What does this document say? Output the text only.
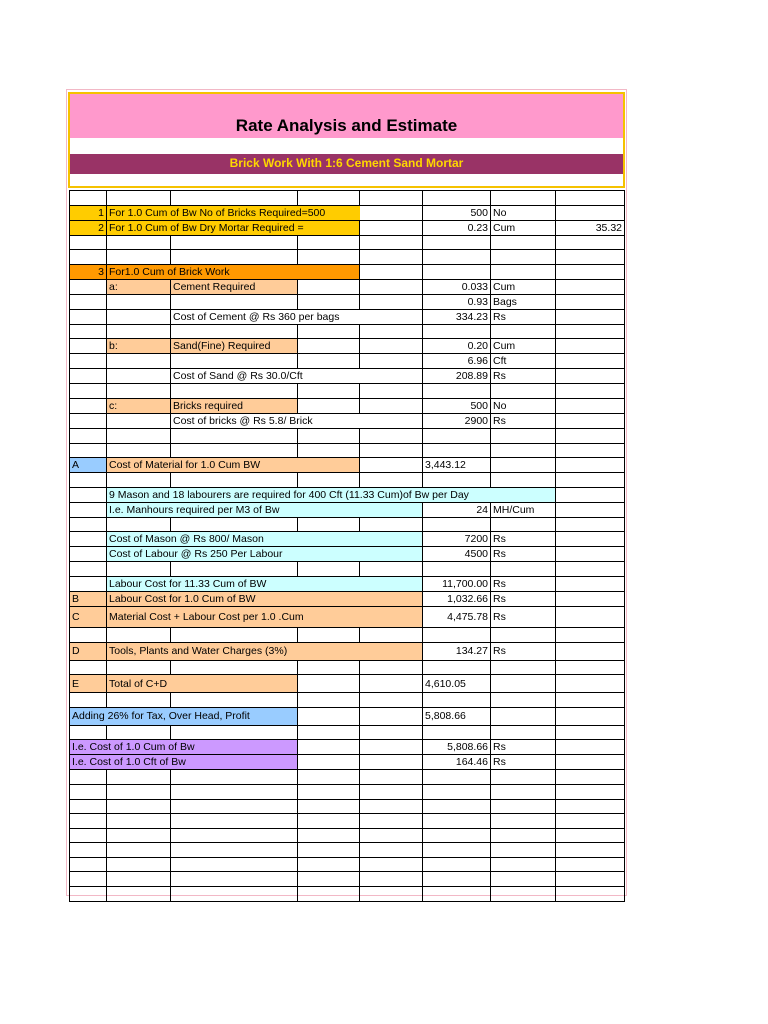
Rate Analysis and Estimate
Brick Work With 1:6 Cement Sand Mortar

1	For 1.0 Cum of Bw No of Bricks Required=500				500	No	
2	For 1.0 Cum of Bw Dry Mortar Required =				0.23	Cum	35.32

3	For1.0 Cum of Brick Work						
	a:	Cement Required			0.033	Cum	
					0.93	Bags	
		Cost of Cement @ Rs 360 per bags			334.23	Rs	

	b:	Sand(Fine) Required			0.20	Cum	
					6.96	Cft	
		Cost of Sand @ Rs 30.0/Cft			208.89	Rs	

	c:	Bricks required			500	No	
		Cost of bricks @ Rs 5.8/ Brick			2900	Rs	

A	Cost of Material for 1.0 Cum BW				3,443.12		

	9 Mason and 18 labourers are required for 400 Cft (11.33 Cum)of Bw per Day						
	I.e. Manhours required per M3 of Bw				24	MH/Cum	

	Cost of Mason @ Rs 800/ Mason				7200	Rs	
	Cost of Labour @ Rs 250 Per Labour				4500	Rs	

	Labour Cost for 11.33 Cum of BW				11,700.00	Rs	
B	Labour Cost for 1.0 Cum of BW				1,032.66	Rs	
C	Material Cost + Labour Cost per 1.0 .Cum				4,475.78	Rs	

D	Tools, Plants and Water Charges (3%)				134.27	Rs	

E	Total of C+D				4,610.05		

Adding 26% for Tax, Over Head, Profit					5,808.66		

I.e. Cost of 1.0 Cum of Bw					5,808.66	Rs	
I.e. Cost of 1.0 Cft of Bw					164.46	Rs	
